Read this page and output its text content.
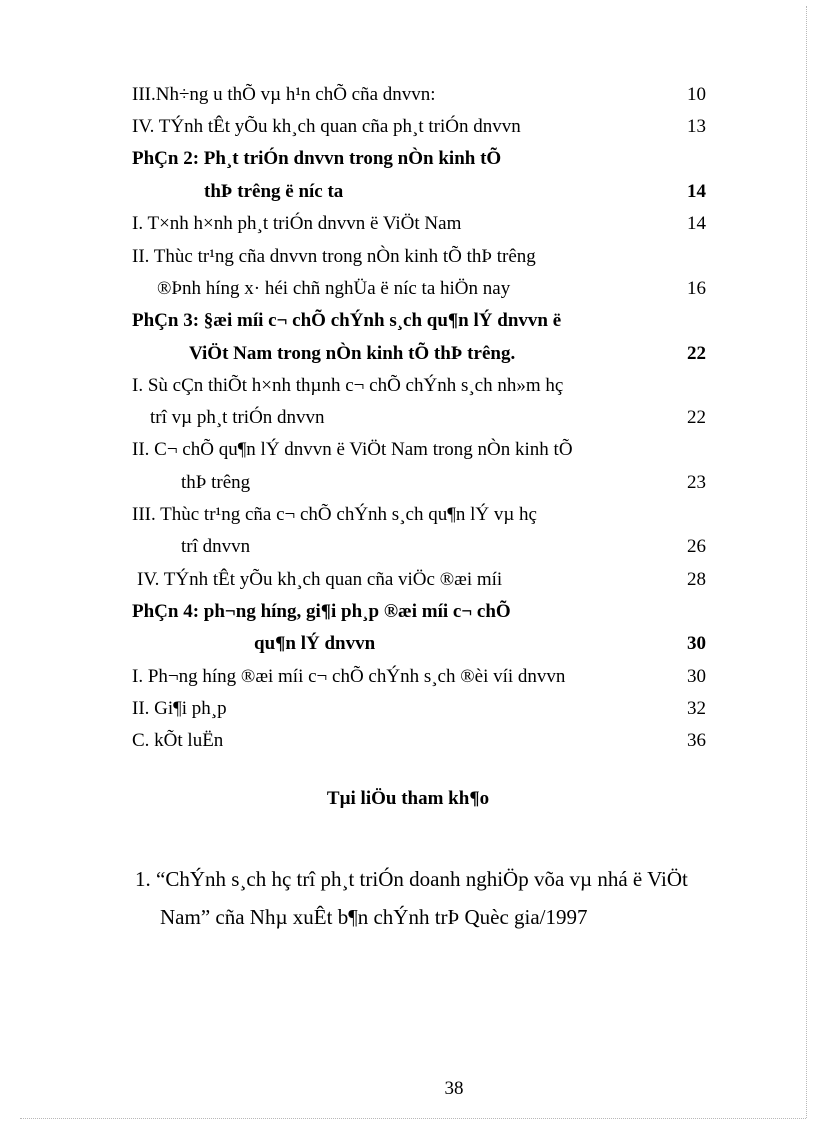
III.Nh÷ng u thÕ vµ h¹n chÕ cña dnvvn:	10
IV. TÝnh tÊt yÕu kh¸ch quan cña ph¸t triÓn dnvvn	13
PhÇn 2: Ph¸t triÓn dnvvn trong nÒn kinh tÕ
thÞ trêng ë níc ta	14
I. T×nh h×nh ph¸t triÓn dnvvn ë ViÖt Nam	14
II. Thùc tr¹ng cña dnvvn trong nÒn kinh tÕ thÞ trêng
®Þnh híng x· héi chñ nghÜa ë níc ta hiÖn nay	16
PhÇn 3: §æi míi c¬ chÕ chÝnh s¸ch qu¶n lÝ dnvvn ë
ViÖt Nam trong nÒn kinh tÕ thÞ trêng.	22
I. Sù cÇn thiÕt h×nh thµnh c¬ chÕ chÝnh s¸ch nh»m hç
trî vµ ph¸t triÓn dnvvn	22
II. C¬ chÕ qu¶n lÝ dnvvn ë ViÖt Nam trong nÒn kinh tÕ
thÞ trêng	23
III. Thùc tr¹ng cña c¬ chÕ chÝnh s¸ch qu¶n lÝ vµ hç
trî dnvvn	26
IV. TÝnh tÊt yÕu kh¸ch quan cña viÖc ®æi míi	28
PhÇn 4: ph¬ng híng, gi¶i ph¸p ®æi míi c¬ chÕ
qu¶n lÝ dnvvn	30
I. Ph¬ng híng ®æi míi c¬ chÕ chÝnh s¸ch ®èi víi dnvvn	30
II. Gi¶i ph¸p	32
C. kÕt luËn	36
Tµi liÖu tham kh¶o
1. “ChÝnh s¸ch hç trî ph¸t triÓn doanh nghiÖp võa vµ nhá ë ViÖt
Nam” cña Nhµ xuÊt b¶n chÝnh trÞ Quèc gia/1997
38
